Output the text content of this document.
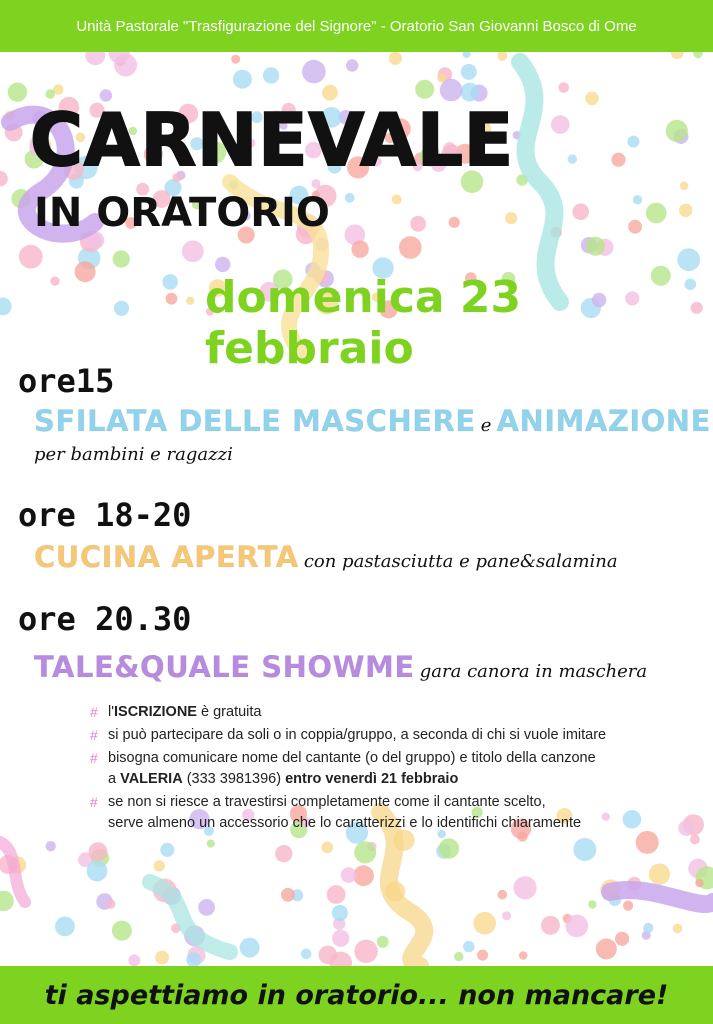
Unità Pastorale "Trasfigurazione del Signore" - Oratorio San Giovanni Bosco di Ome
CARNEVALE
IN ORATORIO
domenica 23 febbraio
ore15
SFILATA DELLE MASCHERE e ANIMAZIONE
per bambini e ragazzi
ore 18-20
CUCINA APERTA con pastasciutta e pane&salamina
ore 20.30
TALE&QUALE SHOWME gara canora in maschera
# l'ISCRIZIONE è gratuita
# si può partecipare da soli o in coppia/gruppo, a seconda di chi si vuole imitare
# bisogna comunicare nome del cantante (o del gruppo) e titolo della canzone
a VALERIA (333 3981396) entro venerdì 21 febbraio
# se non si riesce a travestirsi completamente come il cantante scelto,
serve almeno un accessorio che lo caratterizzi e lo identifichi chiaramente
ti aspettiamo in oratorio... non mancare!
